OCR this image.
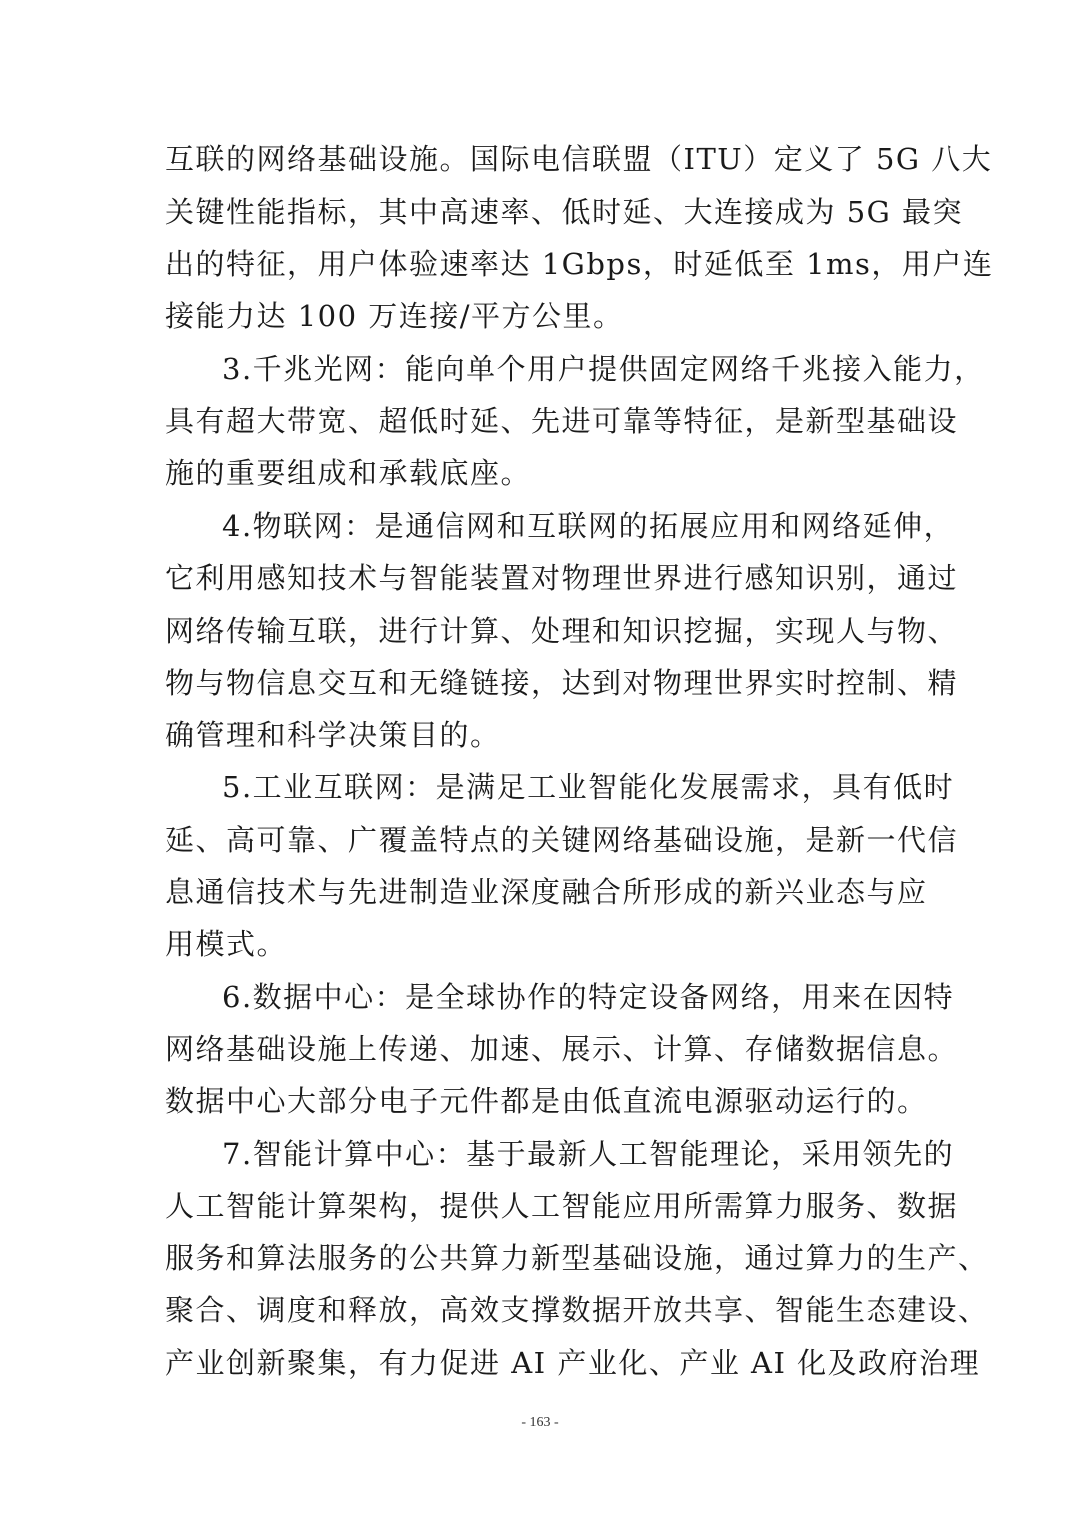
互联的网络基础设施。国际电信联盟（ITU）定义了 5G 八大
关键性能指标，其中高速率、低时延、大连接成为 5G 最突
出的特征，用户体验速率达 1Gbps，时延低至 1ms，用户连
接能力达 100 万连接/平方公里。
3.千兆光网：能向单个用户提供固定网络千兆接入能力，
具有超大带宽、超低时延、先进可靠等特征，是新型基础设
施的重要组成和承载底座。
4.物联网：是通信网和互联网的拓展应用和网络延伸，
它利用感知技术与智能装置对物理世界进行感知识别，通过
网络传输互联，进行计算、处理和知识挖掘，实现人与物、
物与物信息交互和无缝链接，达到对物理世界实时控制、精
确管理和科学决策目的。
5.工业互联网：是满足工业智能化发展需求，具有低时
延、高可靠、广覆盖特点的关键网络基础设施，是新一代信
息通信技术与先进制造业深度融合所形成的新兴业态与应
用模式。
6.数据中心：是全球协作的特定设备网络，用来在因特
网络基础设施上传递、加速、展示、计算、存储数据信息。
数据中心大部分电子元件都是由低直流电源驱动运行的。
7.智能计算中心：基于最新人工智能理论，采用领先的
人工智能计算架构，提供人工智能应用所需算力服务、数据
服务和算法服务的公共算力新型基础设施，通过算力的生产、
聚合、调度和释放，高效支撑数据开放共享、智能生态建设、
产业创新聚集，有力促进 AI 产业化、产业 AI 化及政府治理
- 163 -
